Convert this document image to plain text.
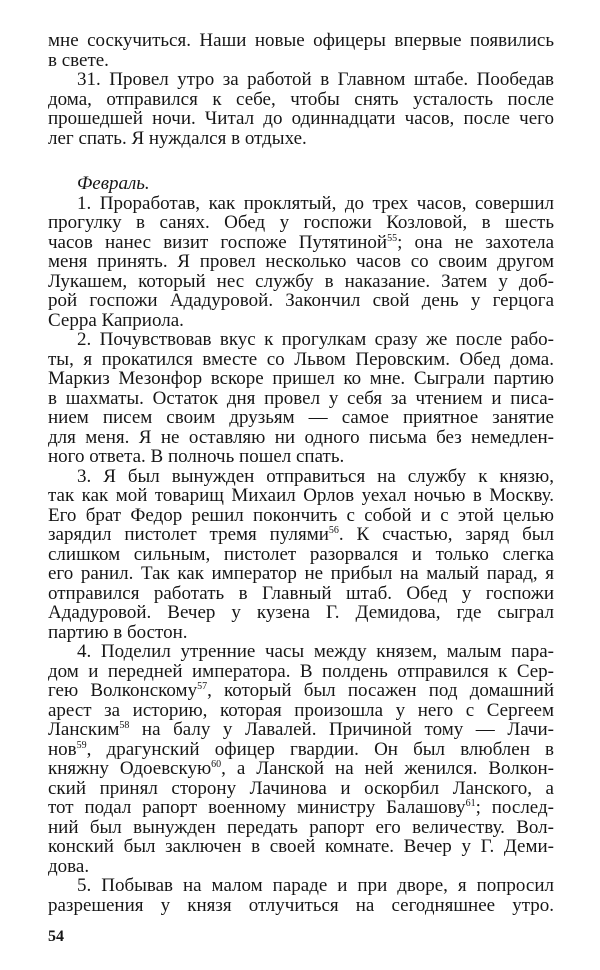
мне соскучиться. Наши новые офицеры впервые появились
в свете.
31. Провел утро за работой в Главном штабе. Пообедав
дома, отправился к себе, чтобы снять усталость после
прошедшей ночи. Читал до одиннадцати часов, после чего
лег спать. Я нуждался в отдыхе.
Февраль.
1. Проработав, как проклятый, до трех часов, совершил
прогулку в санях. Обед у госпожи Козловой, в шесть
часов нанес визит госпоже Путятиной$^{55}$; она не захотела
меня принять. Я провел несколько часов со своим другом
Лукашем, который нес службу в наказание. Затем у доб-
рой госпожи Ададуровой. Закончил свой день у герцога
Серра Каприола.
2. Почувствовав вкус к прогулкам сразу же после рабо-
ты, я прокатился вместе со Львом Перовским. Обед дома.
Маркиз Мезонфор вскоре пришел ко мне. Сыграли партию
в шахматы. Остаток дня провел у себя за чтением и писа-
нием писем своим друзьям — самое приятное занятие
для меня. Я не оставляю ни одного письма без немедлен-
ного ответа. В полночь пошел спать.
3. Я был вынужден отправиться на службу к князю,
так как мой товарищ Михаил Орлов уехал ночью в Москву.
Его брат Федор решил покончить с собой и с этой целью
зарядил пистолет тремя пулями$^{56}$. К счастью, заряд был
слишком сильным, пистолет разорвался и только слегка
его ранил. Так как император не прибыл на малый парад, я
отправился работать в Главный штаб. Обед у госпожи
Ададуровой. Вечер у кузена Г. Демидова, где сыграл
партию в бостон.
4. Поделил утренние часы между князем, малым пара-
дом и передней императора. В полдень отправился к Сер-
гею Волконскому$^{57}$, который был посажен под домашний
арест за историю, которая произошла у него с Сергеем
Ланским$^{58}$ на балу у Лавалей. Причиной тому — Лачи-
нов$^{59}$, драгунский офицер гвардии. Он был влюблен в
княжну Одоевскую$^{60}$, а Ланской на ней женился. Волкон-
ский принял сторону Лачинова и оскорбил Ланского, а
тот подал рапорт военному министру Балашову$^{61}$; послед-
ний был вынужден передать рапорт его величеству. Вол-
конский был заключен в своей комнате. Вечер у Г. Деми-
дова.
5. Побывав на малом параде и при дворе, я попросил
разрешения у князя отлучиться на сегодняшнее утро.
54
